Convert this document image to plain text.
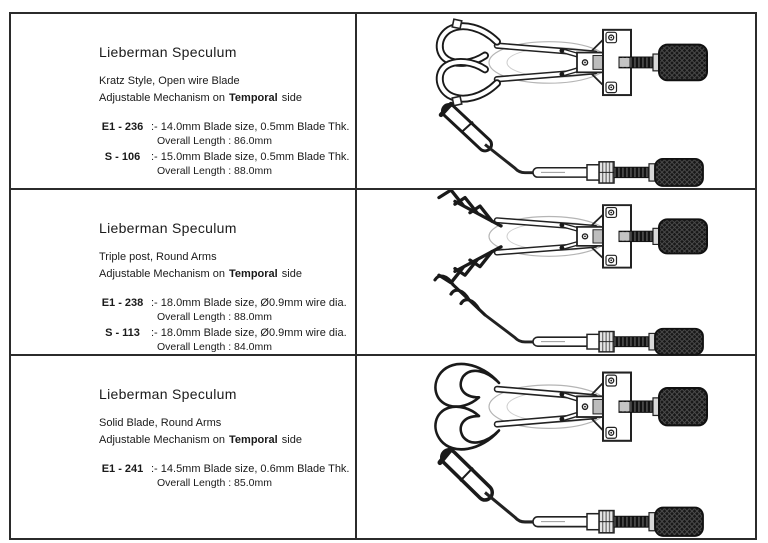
Lieberman Speculum

Kratz Style, Open wire Blade

Adjustable Mechanism on Temporal side

E1 - 236 :- 14.0mm Blade size, 0.5mm Blade Thk.
Overall Length : 86.0mm
S - 106 :- 15.0mm Blade size, 0.5mm Blade Thk.
Overall Length : 88.0mm
Lieberman Speculum

Triple post, Round Arms

Adjustable Mechanism on Temporal side

E1 - 238 :- 18.0mm Blade size, Ø0.9mm wire dia.
Overall Length : 88.0mm
S - 113	:- 18.0mm Blade size, Ø0.9mm wire dia.
Overall Length : 84.0mm
Lieberman Speculum

Solid Blade, Round Arms

Adjustable Mechanism on Temporal side

E1 - 241 :- 14.5mm Blade size, 0.6mm Blade Thk.
Overall Length : 85.0mm
